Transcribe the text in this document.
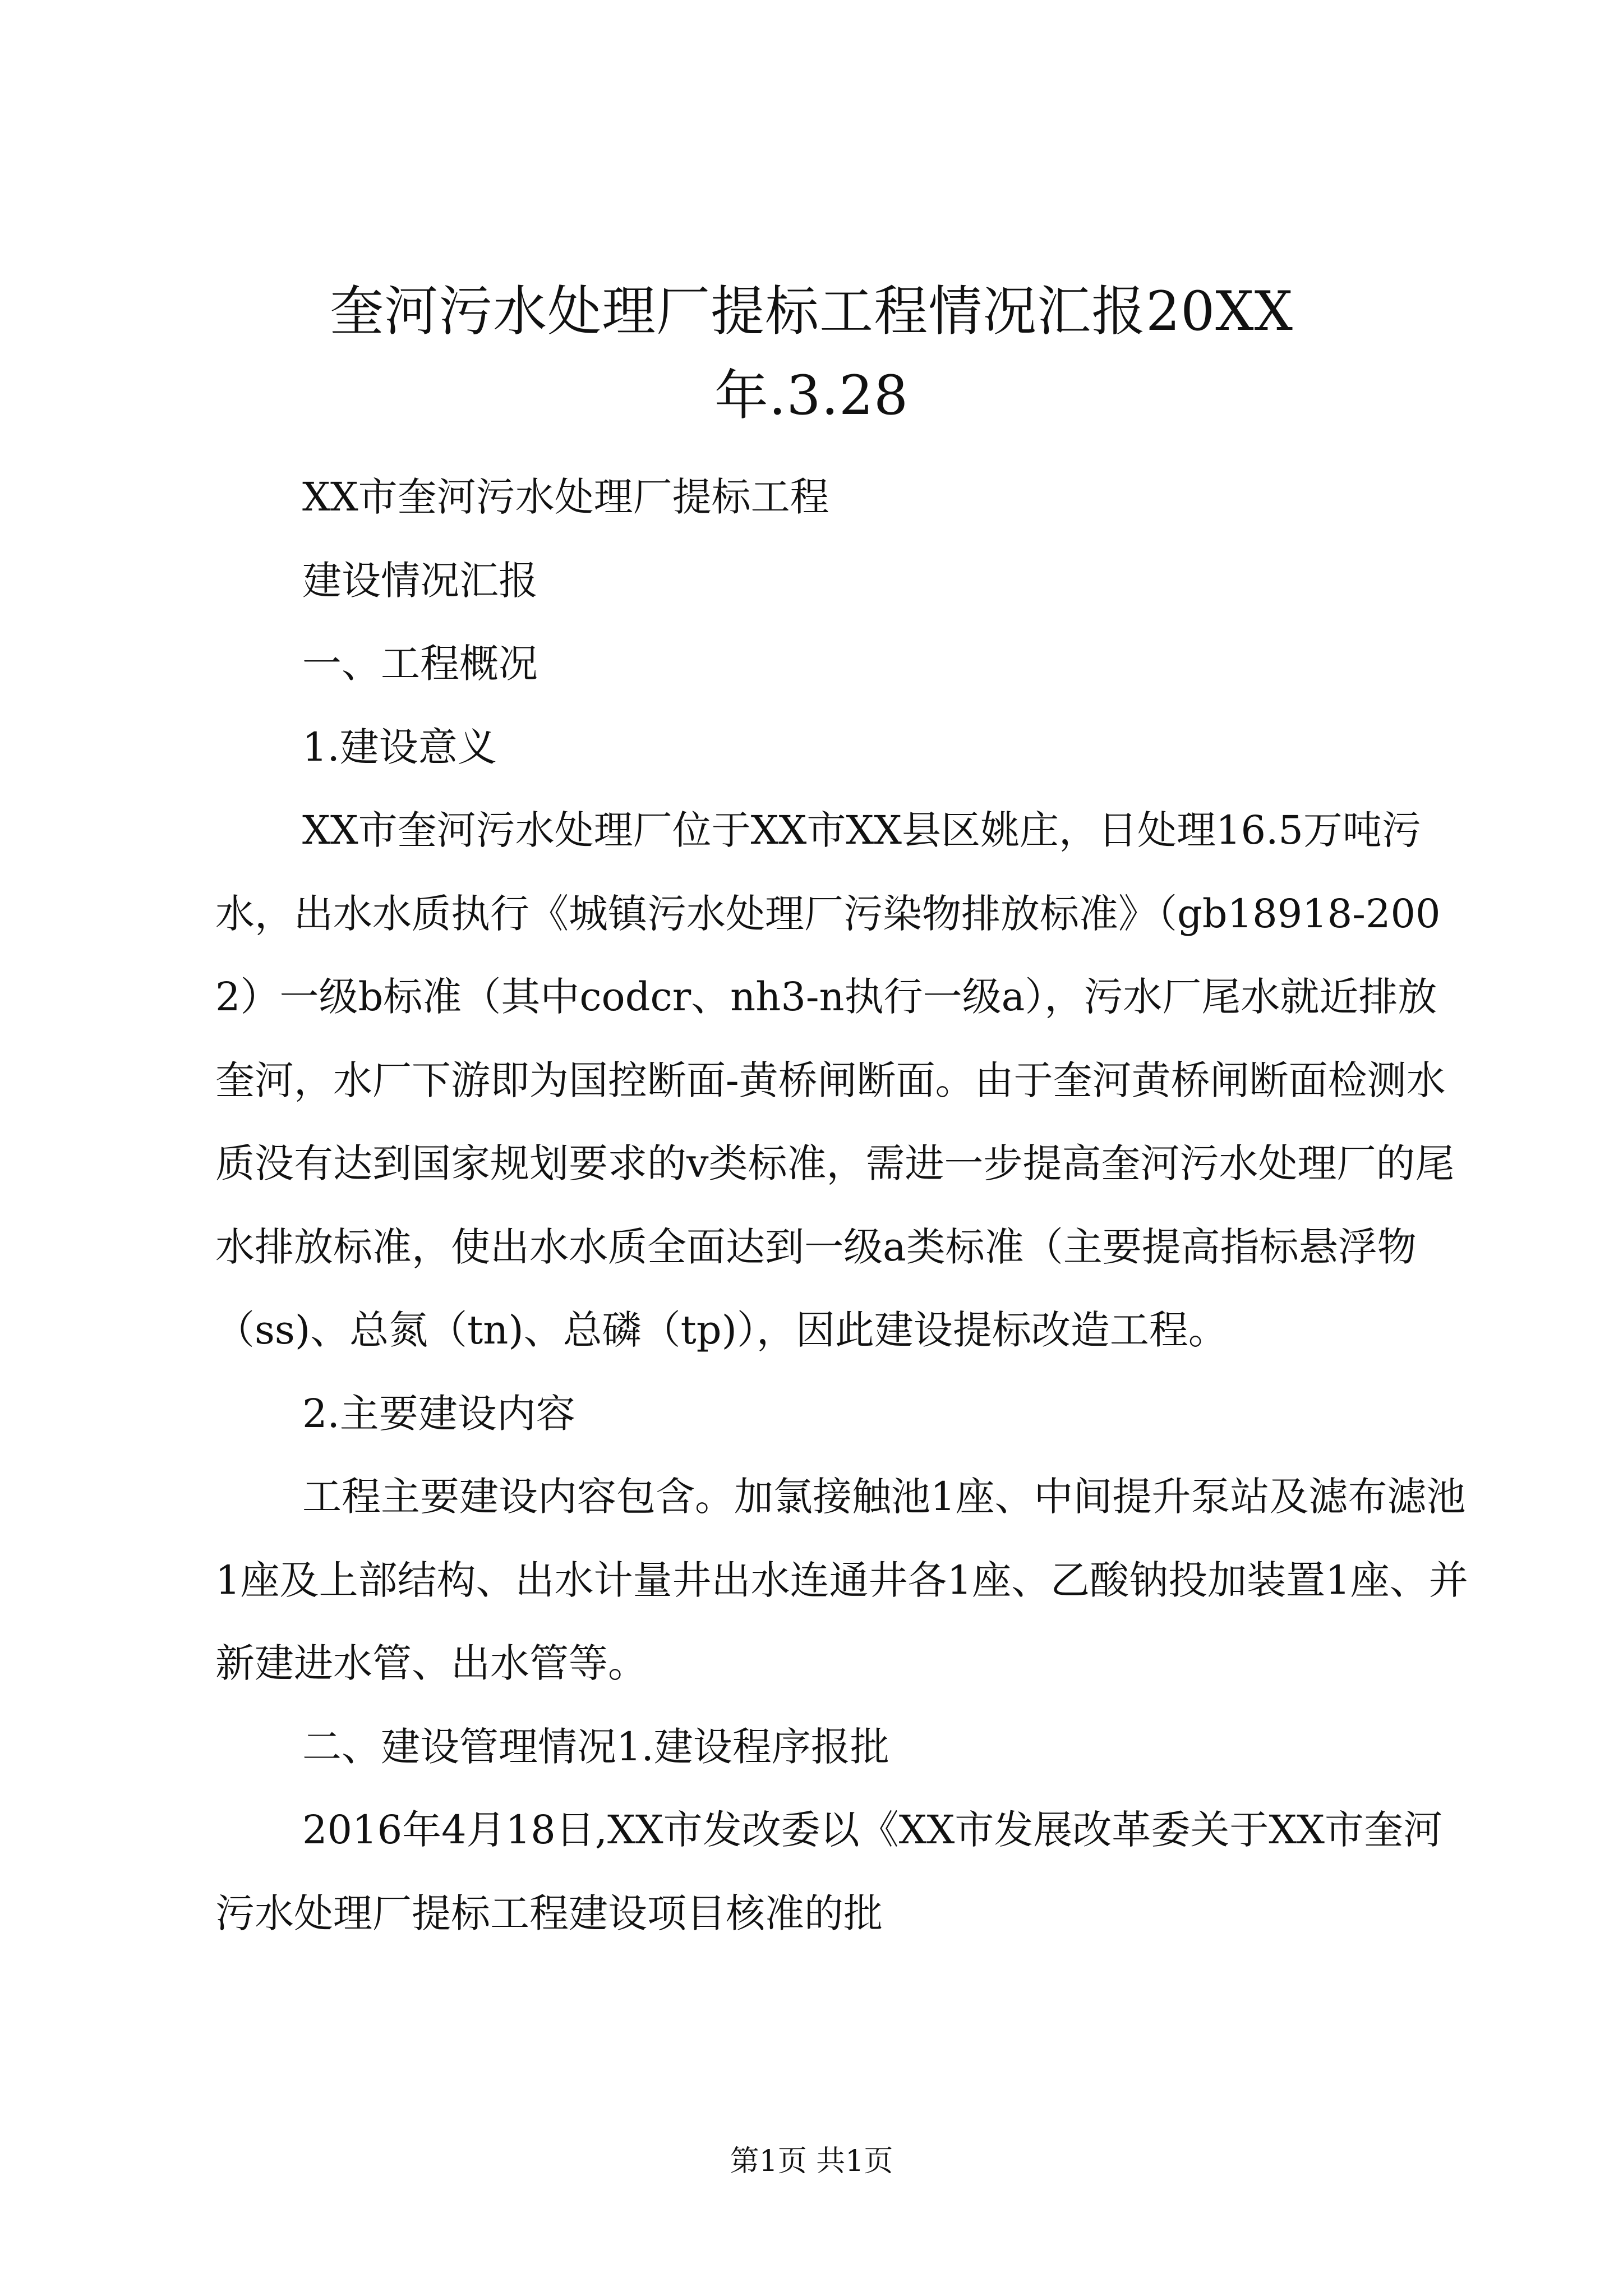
奎河污水处理厂提标工程情况汇报20XX
年.3.28

XX市奎河污水处理厂提标工程

建设情况汇报

一、工程概况

1.建设意义

XX市奎河污水处理厂位于XX市XX县区姚庄，日处理16.5万吨污水，出水水质执行《城镇污水处理厂污染物排放标准》（gb18918-2002）一级b标准（其中codcr、nh3-n执行一级a），污水厂尾水就近排放奎河，水厂下游即为国控断面-黄桥闸断面。由于奎河黄桥闸断面检测水质没有达到国家规划要求的v类标准，需进一步提高奎河污水处理厂的尾水排放标准，使出水水质全面达到一级a类标准（主要提高指标悬浮物（ss)、总氮（tn)、总磷（tp)），因此建设提标改造工程。

2.主要建设内容

工程主要建设内容包含。加氯接触池1座、中间提升泵站及滤布滤池1座及上部结构、出水计量井出水连通井各1座、乙酸钠投加装置1座、并新建进水管、出水管等。

二、建设管理情况1.建设程序报批

2016年4月18日,XX市发改委以《XX市发展改革委关于XX市奎河污水处理厂提标工程建设项目核准的批

第1页 共1页
